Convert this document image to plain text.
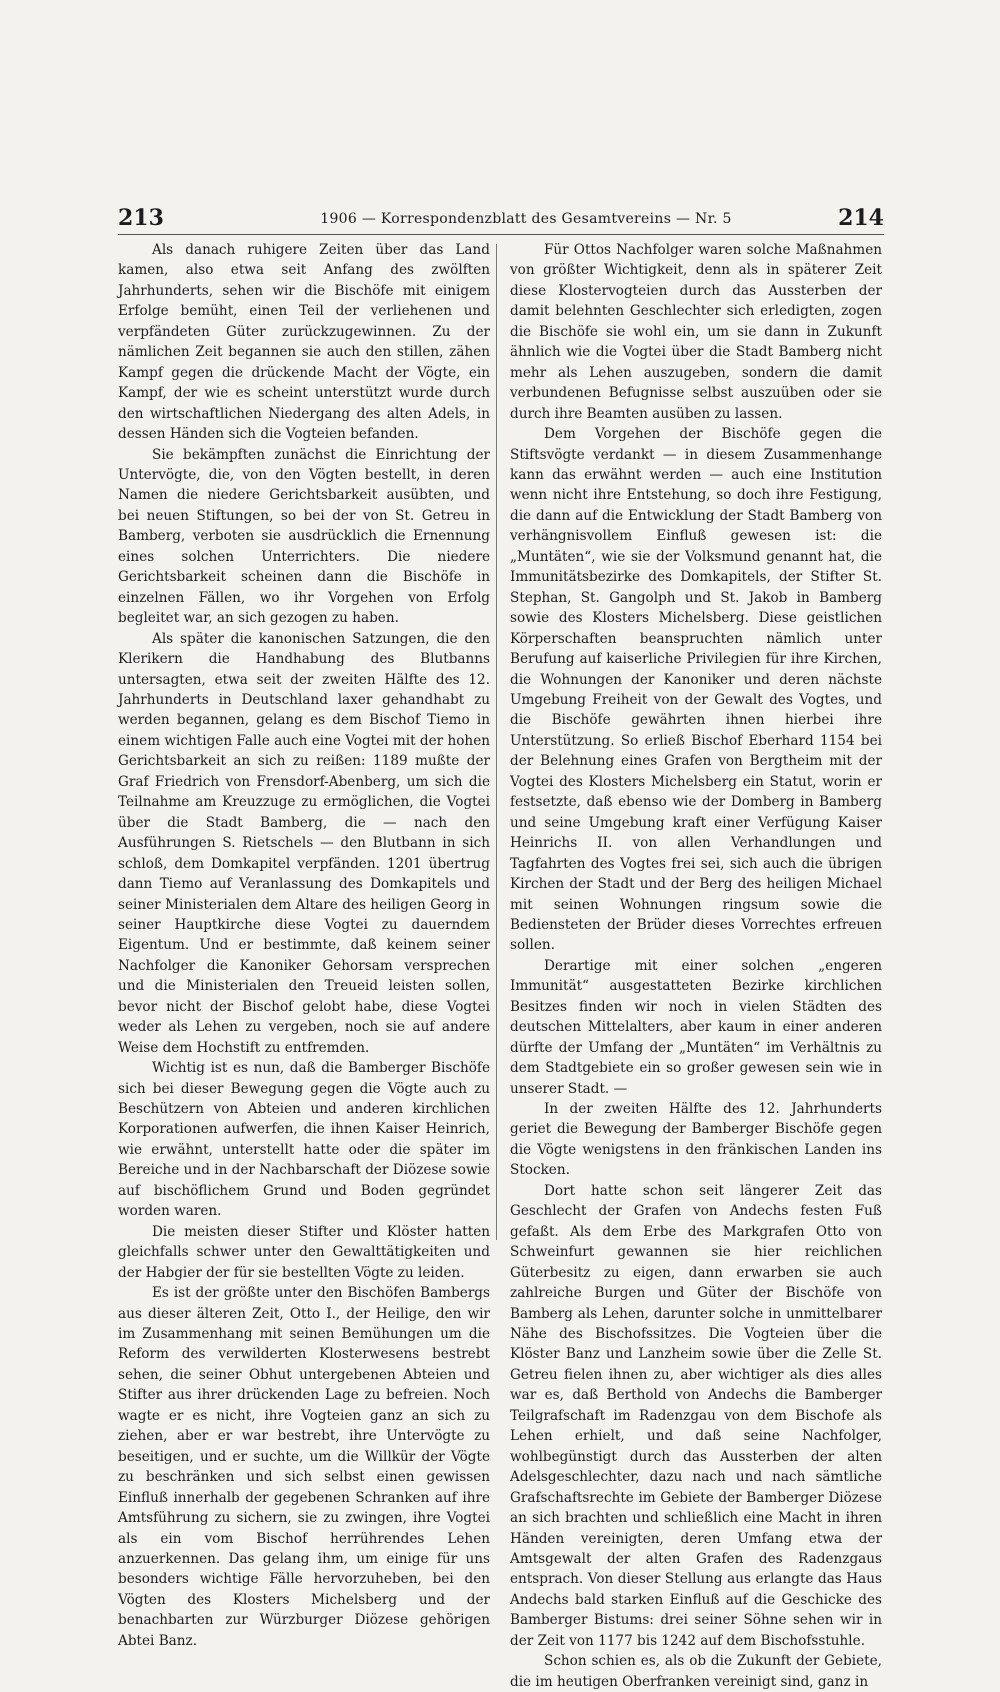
213	1906 — Korrespondenzblatt des Gesamtvereins — Nr. 5	214

Als danach ruhigere Zeiten über das Land kamen, also etwa seit Anfang des zwölften Jahrhunderts, sehen wir die Bischöfe mit einigem Erfolge bemüht, einen Teil der verliehenen und verpfändeten Güter zurückzugewinnen. Zu der nämlichen Zeit begannen sie auch den stillen, zähen Kampf gegen die drückende Macht der Vögte, ein Kampf, der wie es scheint unterstützt wurde durch den wirtschaftlichen Niedergang des alten Adels, in dessen Händen sich die Vogteien befanden.

Sie bekämpften zunächst die Einrichtung der Untervögte, die, von den Vögten bestellt, in deren Namen die niedere Gerichtsbarkeit ausübten, und bei neuen Stiftungen, so bei der von St. Getreu in Bamberg, verboten sie ausdrücklich die Ernennung eines solchen Unterrichters. Die niedere Gerichtsbarkeit scheinen dann die Bischöfe in einzelnen Fällen, wo ihr Vorgehen von Erfolg begleitet war, an sich gezogen zu haben.

Als später die kanonischen Satzungen, die den Klerikern die Handhabung des Blutbanns untersagten, etwa seit der zweiten Hälfte des 12. Jahrhunderts in Deutschland laxer gehandhabt zu werden begannen, gelang es dem Bischof Tiemo in einem wichtigen Falle auch eine Vogtei mit der hohen Gerichtsbarkeit an sich zu reißen: 1189 mußte der Graf Friedrich von Frensdorf-Abenberg, um sich die Teilnahme am Kreuzzuge zu ermöglichen, die Vogtei über die Stadt Bamberg, die — nach den Ausführungen S. Rietschels — den Blutbann in sich schloß, dem Domkapitel verpfänden. 1201 übertrug dann Tiemo auf Veranlassung des Domkapitels und seiner Ministerialen dem Altare des heiligen Georg in seiner Hauptkirche diese Vogtei zu dauerndem Eigentum. Und er bestimmte, daß keinem seiner Nachfolger die Kanoniker Gehorsam versprechen und die Ministerialen den Treueid leisten sollen, bevor nicht der Bischof gelobt habe, diese Vogtei weder als Lehen zu vergeben, noch sie auf andere Weise dem Hochstift zu entfremden.

Wichtig ist es nun, daß die Bamberger Bischöfe sich bei dieser Bewegung gegen die Vögte auch zu Beschützern von Abteien und anderen kirchlichen Korporationen aufwerfen, die ihnen Kaiser Heinrich, wie erwähnt, unterstellt hatte oder die später im Bereiche und in der Nachbarschaft der Diözese sowie auf bischöflichem Grund und Boden gegründet worden waren.

Die meisten dieser Stifter und Klöster hatten gleichfalls schwer unter den Gewalttätigkeiten und der Habgier der für sie bestellten Vögte zu leiden.

Es ist der größte unter den Bischöfen Bambergs aus dieser älteren Zeit, Otto I., der Heilige, den wir im Zusammenhang mit seinen Bemühungen um die Reform des verwilderten Klosterwesens bestrebt sehen, die seiner Obhut untergebenen Abteien und Stifter aus ihrer drückenden Lage zu befreien. Noch wagte er es nicht, ihre Vogteien ganz an sich zu ziehen, aber er war bestrebt, ihre Untervögte zu beseitigen, und er suchte, um die Willkür der Vögte zu beschränken und sich selbst einen gewissen Einfluß innerhalb der gegebenen Schranken auf ihre Amtsführung zu sichern, sie zu zwingen, ihre Vogtei als ein vom Bischof herrührendes Lehen anzuerkennen. Das gelang ihm, um einige für uns besonders wichtige Fälle hervorzuheben, bei den Vögten des Klosters Michelsberg und der benachbarten zur Würzburger Diözese gehörigen Abtei Banz.

Für Ottos Nachfolger waren solche Maßnahmen von größter Wichtigkeit, denn als in späterer Zeit diese Klostervogteien durch das Aussterben der damit belehnten Geschlechter sich erledigten, zogen die Bischöfe sie wohl ein, um sie dann in Zukunft ähnlich wie die Vogtei über die Stadt Bamberg nicht mehr als Lehen auszugeben, sondern die damit verbundenen Befugnisse selbst auszuüben oder sie durch ihre Beamten ausüben zu lassen.

Dem Vorgehen der Bischöfe gegen die Stiftsvögte verdankt — in diesem Zusammenhange kann das erwähnt werden — auch eine Institution wenn nicht ihre Entstehung, so doch ihre Festigung, die dann auf die Entwicklung der Stadt Bamberg von verhängnisvollem Einfluß gewesen ist: die „Muntäten“, wie sie der Volksmund genannt hat, die Immunitätsbezirke des Domkapitels, der Stifter St. Stephan, St. Gangolph und St. Jakob in Bamberg sowie des Klosters Michelsberg. Diese geistlichen Körperschaften beanspruchten nämlich unter Berufung auf kaiserliche Privilegien für ihre Kirchen, die Wohnungen der Kanoniker und deren nächste Umgebung Freiheit von der Gewalt des Vogtes, und die Bischöfe gewährten ihnen hierbei ihre Unterstützung. So erließ Bischof Eberhard 1154 bei der Belehnung eines Grafen von Bergtheim mit der Vogtei des Klosters Michelsberg ein Statut, worin er festsetzte, daß ebenso wie der Domberg in Bamberg und seine Umgebung kraft einer Verfügung Kaiser Heinrichs II. von allen Verhandlungen und Tagfahrten des Vogtes frei sei, sich auch die übrigen Kirchen der Stadt und der Berg des heiligen Michael mit seinen Wohnungen ringsum sowie die Bediensteten der Brüder dieses Vorrechtes erfreuen sollen.

Derartige mit einer solchen „engeren Immunität“ ausgestatteten Bezirke kirchlichen Besitzes finden wir noch in vielen Städten des deutschen Mittelalters, aber kaum in einer anderen dürfte der Umfang der „Muntäten“ im Verhältnis zu dem Stadtgebiete ein so großer gewesen sein wie in unserer Stadt. —

In der zweiten Hälfte des 12. Jahrhunderts geriet die Bewegung der Bamberger Bischöfe gegen die Vögte wenigstens in den fränkischen Landen ins Stocken.

Dort hatte schon seit längerer Zeit das Geschlecht der Grafen von Andechs festen Fuß gefaßt. Als dem Erbe des Markgrafen Otto von Schweinfurt gewannen sie hier reichlichen Güterbesitz zu eigen, dann erwarben sie auch zahlreiche Burgen und Güter der Bischöfe von Bamberg als Lehen, darunter solche in unmittelbarer Nähe des Bischofssitzes. Die Vogteien über die Klöster Banz und Lanzheim sowie über die Zelle St. Getreu fielen ihnen zu, aber wichtiger als dies alles war es, daß Berthold von Andechs die Bamberger Teilgrafschaft im Radenzgau von dem Bischofe als Lehen erhielt, und daß seine Nachfolger, wohlbegünstigt durch das Aussterben der alten Adelsgeschlechter, dazu nach und nach sämtliche Grafschaftsrechte im Gebiete der Bamberger Diözese an sich brachten und schließlich eine Macht in ihren Händen vereinigten, deren Umfang etwa der Amtsgewalt der alten Grafen des Radenzgaus entsprach. Von dieser Stellung aus erlangte das Haus Andechs bald starken Einfluß auf die Geschicke des Bamberger Bistums: drei seiner Söhne sehen wir in der Zeit von 1177 bis 1242 auf dem Bischofsstuhle.

Schon schien es, als ob die Zukunft der Gebiete, die im heutigen Oberfranken vereinigt sind, ganz in
